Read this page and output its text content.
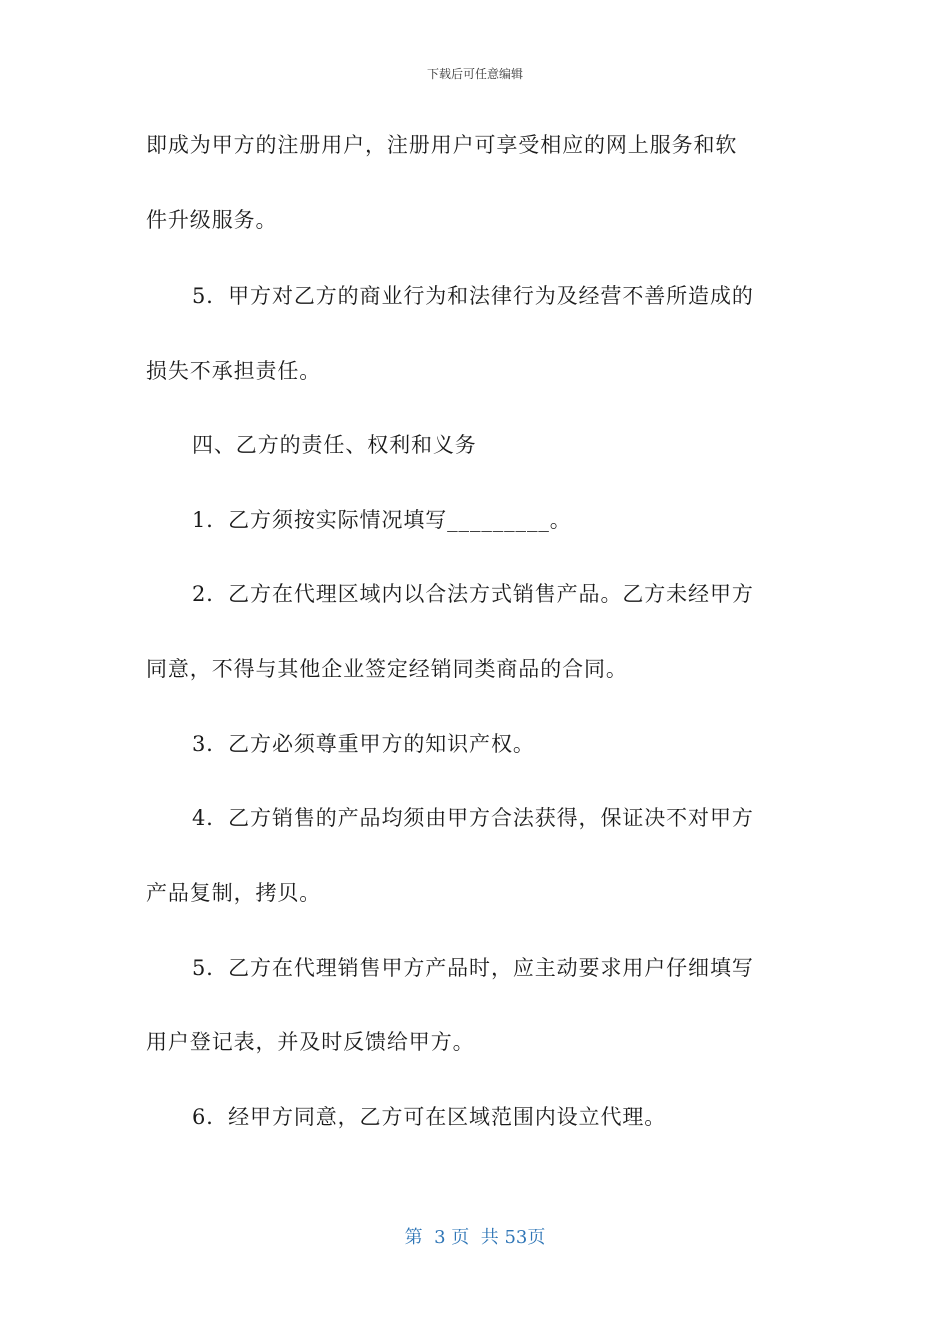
下载后可任意编辑
即成为甲方的注册用户，注册用户可享受相应的网上服务和软
件升级服务。
5．甲方对乙方的商业行为和法律行为及经营不善所造成的
损失不承担责任。
四、乙方的责任、权利和义务
1．乙方须按实际情况填写_________。
2．乙方在代理区域内以合法方式销售产品。乙方未经甲方
同意，不得与其他企业签定经销同类商品的合同。
3．乙方必须尊重甲方的知识产权。
4．乙方销售的产品均须由甲方合法获得，保证决不对甲方
产品复制，拷贝。
5．乙方在代理销售甲方产品时，应主动要求用户仔细填写
用户登记表，并及时反馈给甲方。
6．经甲方同意，乙方可在区域范围内设立代理。
第  3 页  共 53页
